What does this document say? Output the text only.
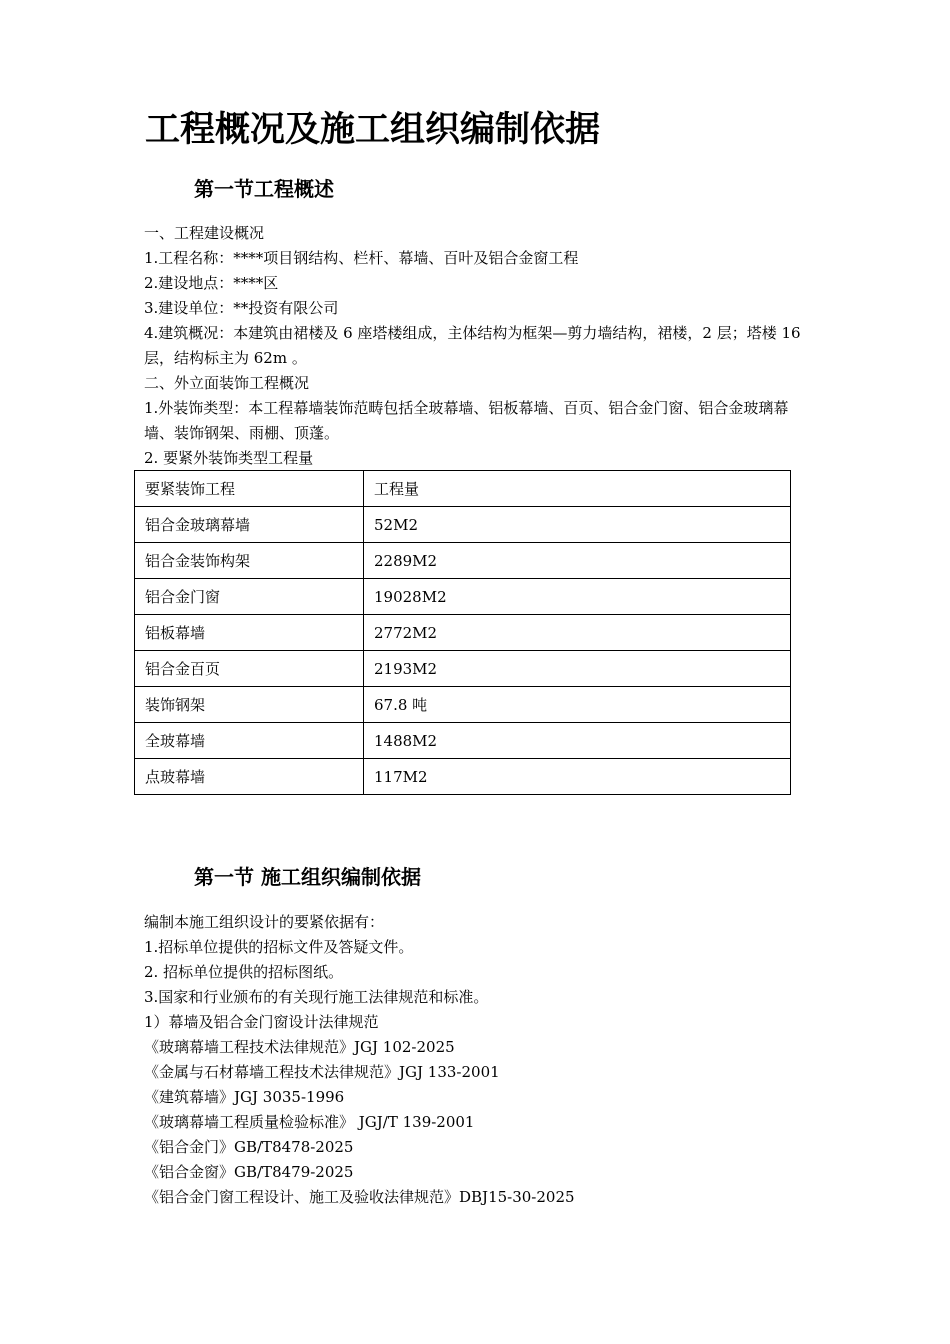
工程概况及施工组织编制依据
第一节工程概述
一、工程建设概况
1.工程名称：****项目钢结构、栏杆、幕墙、百叶及铝合金窗工程
2.建设地点：****区
3.建设单位：**投资有限公司
4.建筑概况：本建筑由裙楼及 6 座塔楼组成，主体结构为框架—剪力墙结构，裙楼，2 层；塔楼 16 层，结构标主为 62m 。
二、外立面装饰工程概况
1.外装饰类型：本工程幕墙装饰范畴包括全玻幕墙、铝板幕墙、百页、铝合金门窗、铝合金玻璃幕墙、装饰钢架、雨棚、顶蓬。
2. 要紧外装饰类型工程量
要紧装饰工程	工程量
铝合金玻璃幕墙	52M2
铝合金装饰构架	2289M2
铝合金门窗	19028M2
铝板幕墙	2772M2
铝合金百页	2193M2
装饰钢架	67.8 吨
全玻幕墙	1488M2
点玻幕墙	117M2
第一节 施工组织编制依据
编制本施工组织设计的要紧依据有：
1.招标单位提供的招标文件及答疑文件。
2. 招标单位提供的招标图纸。
3.国家和行业颁布的有关现行施工法律规范和标准。
1）幕墙及铝合金门窗设计法律规范
《玻璃幕墙工程技术法律规范》JGJ 102-2025
《金属与石材幕墙工程技术法律规范》JGJ 133-2001
《建筑幕墙》JGJ 3035-1996
《玻璃幕墙工程质量检验标准》 JGJ/T 139-2001
《铝合金门》GB/T8478-2025
《铝合金窗》GB/T8479-2025
《铝合金门窗工程设计、施工及验收法律规范》DBJ15-30-2025
